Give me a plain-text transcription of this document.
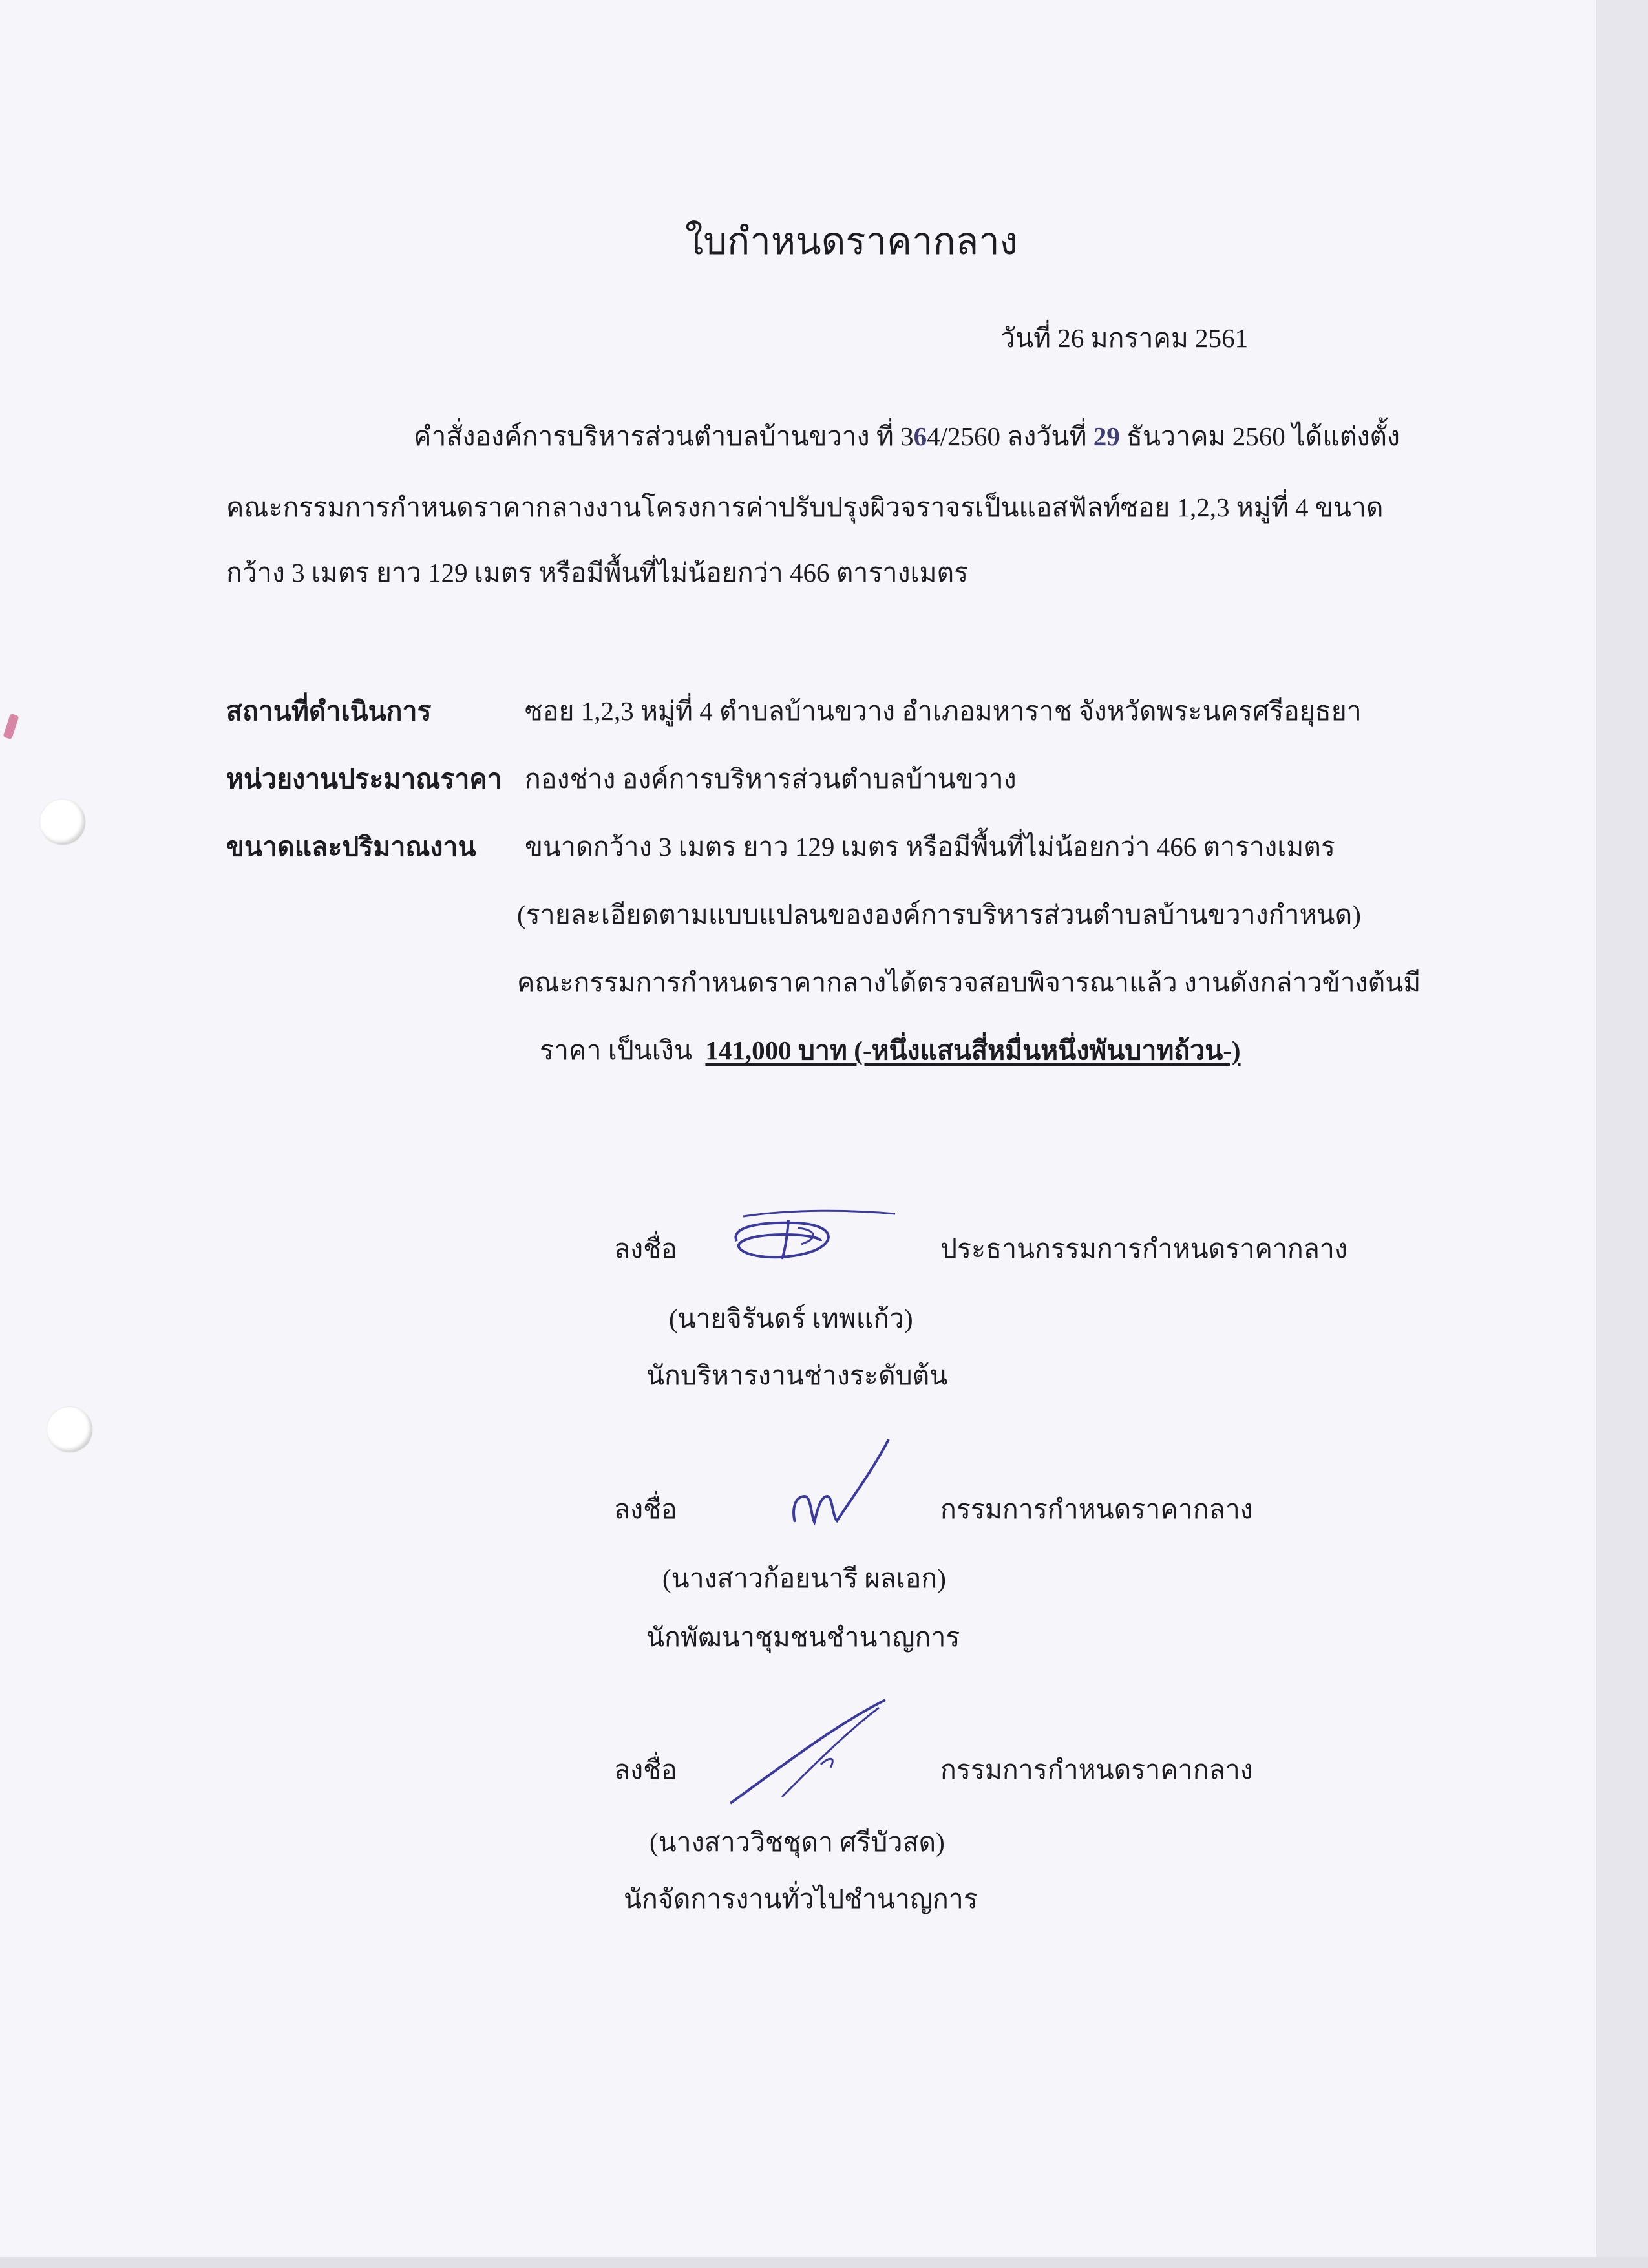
ใบกำหนดราคากลาง
วันที่ 26 มกราคม 2561
คำสั่งองค์การบริหารส่วนตำบลบ้านขวาง ที่ 364/2560 ลงวันที่ 29 ธันวาคม 2560 ได้แต่งตั้ง
คณะกรรมการกำหนดราคากลางงานโครงการค่าปรับปรุงผิวจราจรเป็นแอสฟัลท์ซอย 1,2,3 หมู่ที่ 4 ขนาด
กว้าง 3 เมตร ยาว 129 เมตร หรือมีพื้นที่ไม่น้อยกว่า 466 ตารางเมตร
สถานที่ดำเนินการ	ซอย 1,2,3 หมู่ที่ 4 ตำบลบ้านขวาง อำเภอมหาราช จังหวัดพระนครศรีอยุธยา
หน่วยงานประมาณราคา กองช่าง องค์การบริหารส่วนตำบลบ้านขวาง
ขนาดและปริมาณงาน ขนาดกว้าง 3 เมตร ยาว 129 เมตร หรือมีพื้นที่ไม่น้อยกว่า 466 ตารางเมตร
(รายละเอียดตามแบบแปลนขององค์การบริหารส่วนตำบลบ้านขวางกำหนด)
คณะกรรมการกำหนดราคากลางได้ตรวจสอบพิจารณาแล้ว งานดังกล่าวข้างต้นมี
ราคา เป็นเงิน 141,000 บาท (-หนึ่งแสนสี่หมื่นหนึ่งพันบาทถ้วน-)
ลงชื่อ	ประธานกรรมการกำหนดราคากลาง
(นายจิรันดร์ เทพแก้ว)
นักบริหารงานช่างระดับต้น
ลงชื่อ	กรรมการกำหนดราคากลาง
(นางสาวก้อยนารี ผลเอก)
นักพัฒนาชุมชนชำนาญการ
ลงชื่อ	กรรมการกำหนดราคากลาง
(นางสาววิชชุดา ศรีบัวสด)
นักจัดการงานทั่วไปชำนาญการ
